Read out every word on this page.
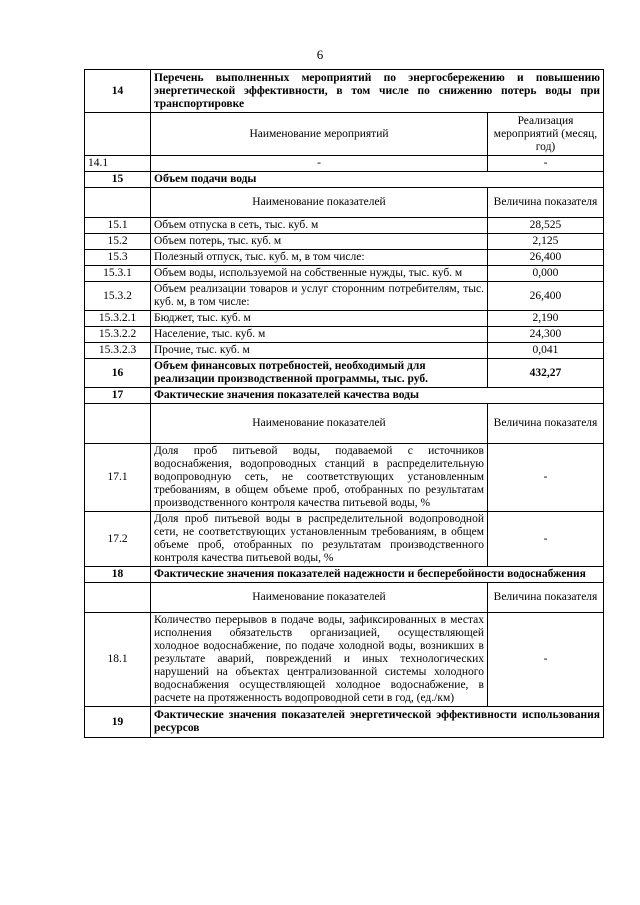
6
14	Перечень выполненных мероприятий по энергосбережению и повышению энергетической эффективности, в том числе по снижению потерь воды при транспортировке	
	Наименование мероприятий	Реализация мероприятий (месяц, год)
14.1	-	-
15	Объем подачи воды	
	Наименование показателей	Величина показателя
15.1	Объем отпуска в сеть, тыс. куб. м	28,525
15.2	Объем потерь, тыс. куб. м	2,125
15.3	Полезный отпуск, тыс. куб. м, в том числе:	26,400
15.3.1	Объем воды, используемой на собственные нужды, тыс. куб. м	0,000
15.3.2	Объем реализации товаров и услуг сторонним потребителям, тыс. куб. м, в том числе:	26,400
15.3.2.1	Бюджет, тыс. куб. м	2,190
15.3.2.2	Население, тыс. куб. м	24,300
15.3.2.3	Прочие, тыс. куб. м	0,041
16	Объем финансовых потребностей, необходимый для реализации производственной программы, тыс. руб.	432,27
17	Фактические значения показателей качества воды	
	Наименование показателей	Величина показателя
17.1	Доля проб питьевой воды, подаваемой с источников водоснабжения, водопроводных станций в распределительную водопроводную сеть, не соответствующих установленным требованиям, в общем объеме проб, отобранных по результатам производственного контроля качества питьевой воды, %	-
17.2	Доля проб питьевой воды в распределительной водопроводной сети, не соответствующих установленным требованиям, в общем объеме проб, отобранных по результатам производственного контроля качества питьевой воды, %	-
18	Фактические значения показателей надежности и бесперебойности водоснабжения	
	Наименование показателей	Величина показателя
18.1	Количество перерывов в подаче воды, зафиксированных в местах исполнения обязательств организацией, осуществляющей холодное водоснабжение, по подаче холодной воды, возникших в результате аварий, повреждений и иных технологических нарушений на объектах централизованной системы холодного водоснабжения осуществляющей холодное водоснабжение, в расчете на протяженность водопроводной сети в год, (ед./км)	-
19	Фактические значения показателей энергетической эффективности использования ресурсов	
